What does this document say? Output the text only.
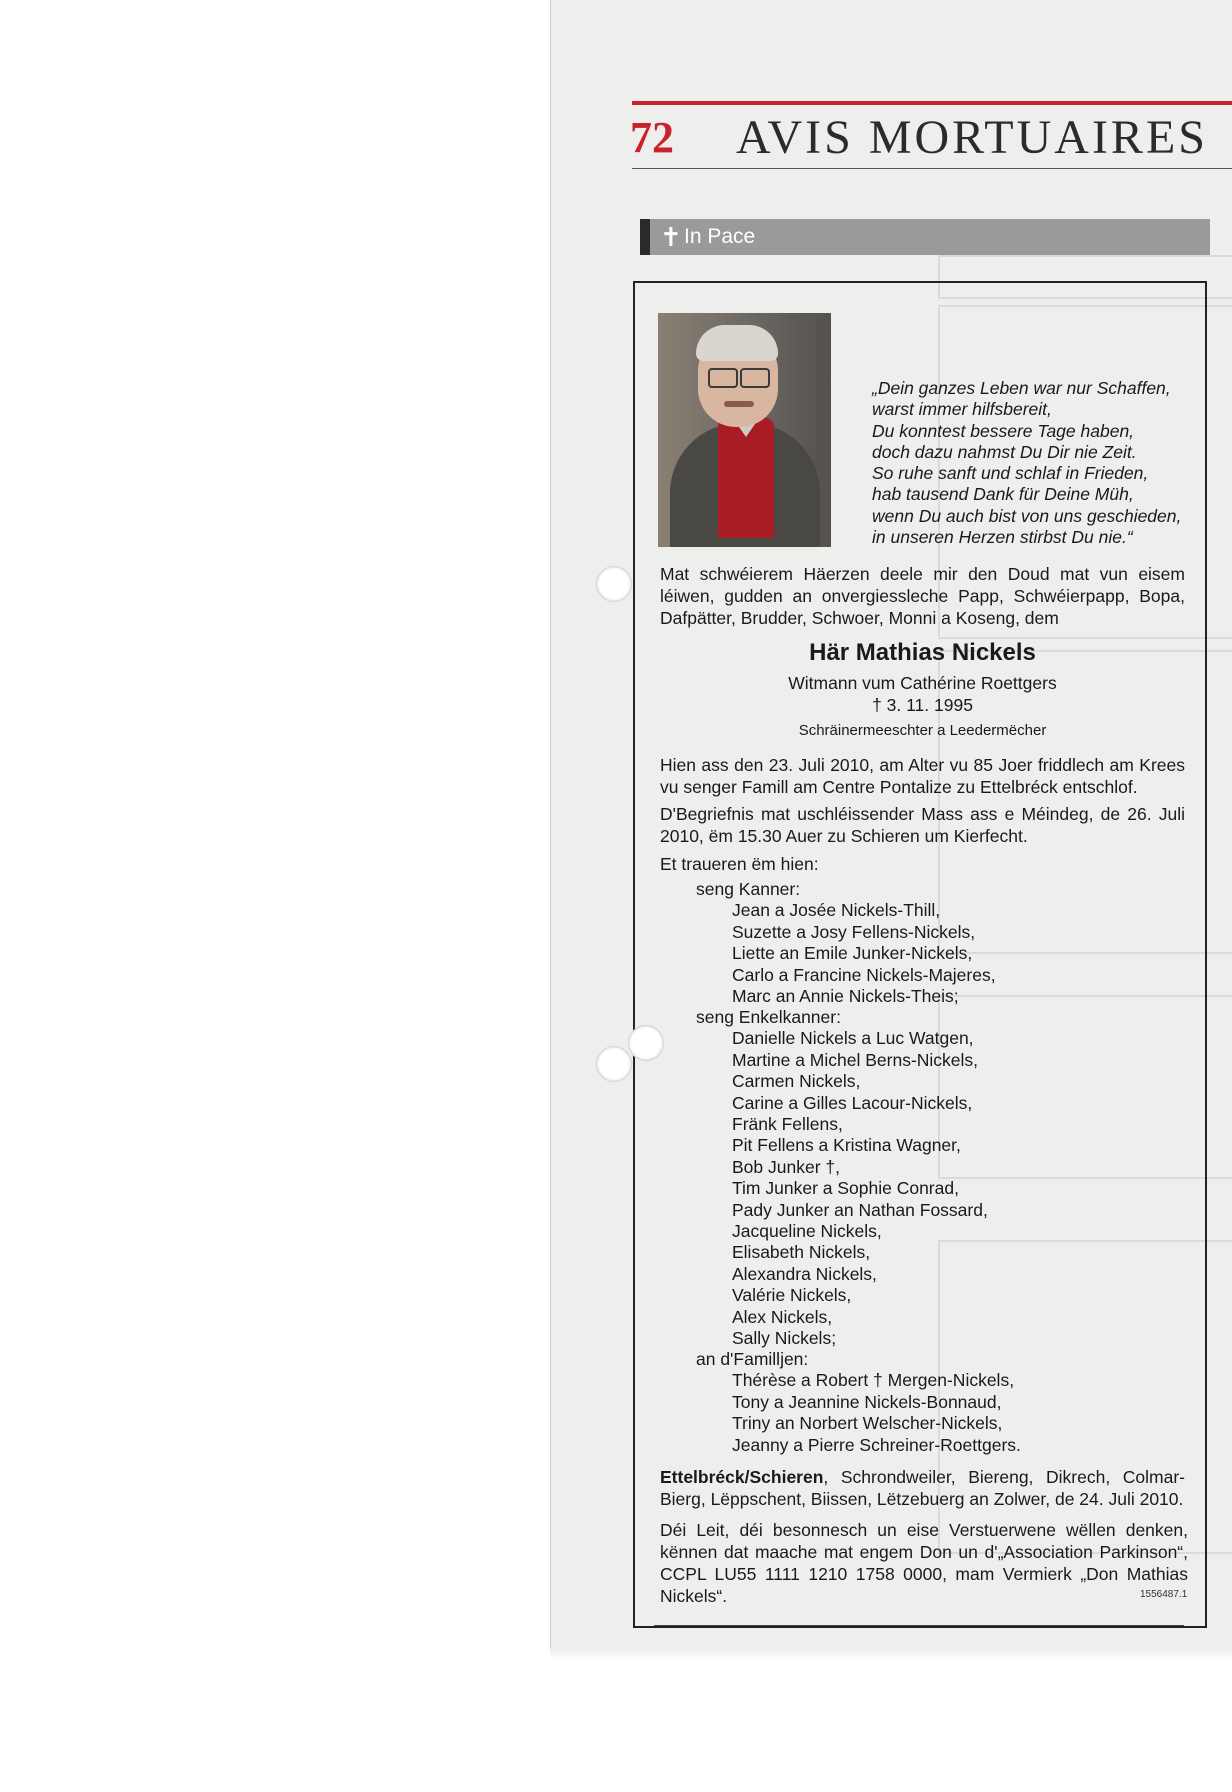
72 AVIS MORTUAIRES
✝ In Pace
„Dein ganzes Leben war nur Schaffen,
warst immer hilfsbereit,
Du konntest bessere Tage haben,
doch dazu nahmst Du Dir nie Zeit.
So ruhe sanft und schlaf in Frieden,
hab tausend Dank für Deine Müh,
wenn Du auch bist von uns geschieden,
in unseren Herzen stirbst Du nie.“
Mat schwéierem Häerzen deele mir den Doud mat vun eisem léiwen, gudden an onvergiessleche Papp, Schwéierpapp, Bopa, Dafpätter, Brudder, Schwoer, Monni a Koseng, dem
Här Mathias Nickels
Witmann vum Cathérine Roettgers
† 3. 11. 1995
Schräinermeeschter a Leedermëcher
Hien ass den 23. Juli 2010, am Alter vu 85 Joer friddlech am Krees vu senger Famill am Centre Pontalize zu Ettelbréck entschlof.
D'Begriefnis mat uschléissender Mass ass e Méindeg, de 26. Juli 2010, ëm 15.30 Auer zu Schieren um Kierfecht.
Et traueren ëm hien:
seng Kanner:
Jean a Josée Nickels-Thill,
Suzette a Josy Fellens-Nickels,
Liette an Emile Junker-Nickels,
Carlo a Francine Nickels-Majeres,
Marc an Annie Nickels-Theis;
seng Enkelkanner:
Danielle Nickels a Luc Watgen,
Martine a Michel Berns-Nickels,
Carmen Nickels,
Carine a Gilles Lacour-Nickels,
Fränk Fellens,
Pit Fellens a Kristina Wagner,
Bob Junker †,
Tim Junker a Sophie Conrad,
Pady Junker an Nathan Fossard,
Jacqueline Nickels,
Elisabeth Nickels,
Alexandra Nickels,
Valérie Nickels,
Alex Nickels,
Sally Nickels;
an d'Familljen:
Thérèse a Robert † Mergen-Nickels,
Tony a Jeannine Nickels-Bonnaud,
Triny an Norbert Welscher-Nickels,
Jeanny a Pierre Schreiner-Roettgers.
Ettelbréck/Schieren, Schrondweiler, Biereng, Dikrech, Colmar-Bierg, Lëppschent, Biissen, Lëtzebuerg an Zolwer, de 24. Juli 2010.
Déi Leit, déi besonnesch un eise Verstuerwene wëllen denken, kënnen dat maache mat engem Don un d'„Association Parkinson“, CCPL LU55 1111 1210 1758 0000, mam Vermierk „Don Mathias Nickels“.	1556487.1
